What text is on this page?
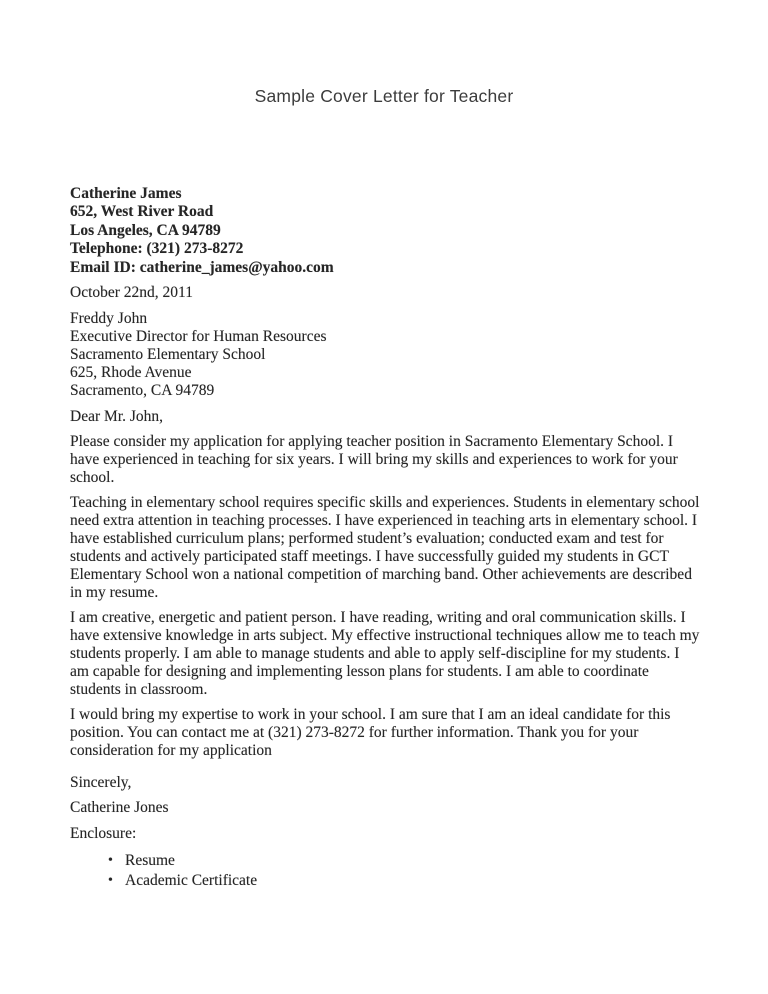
Sample Cover Letter for Teacher
Catherine James
652, West River Road
Los Angeles, CA 94789
Telephone: (321) 273-8272
Email ID: catherine_james@yahoo.com
October 22nd, 2011
Freddy John
Executive Director for Human Resources
Sacramento Elementary School
625, Rhode Avenue
Sacramento, CA 94789
Dear Mr. John,

Please consider my application for applying teacher position in Sacramento Elementary School. I have experienced in teaching for six years. I will bring my skills and experiences to work for your school.

Teaching in elementary school requires specific skills and experiences. Students in elementary school need extra attention in teaching processes. I have experienced in teaching arts in elementary school. I have established curriculum plans; performed student’s evaluation; conducted exam and test for students and actively participated staff meetings. I have successfully guided my students in GCT Elementary School won a national competition of marching band. Other achievements are described in my resume.

I am creative, energetic and patient person. I have reading, writing and oral communication skills. I have extensive knowledge in arts subject. My effective instructional techniques allow me to teach my students properly. I am able to manage students and able to apply self-discipline for my students. I am capable for designing and implementing lesson plans for students. I am able to coordinate students in classroom.

I would bring my expertise to work in your school. I am sure that I am an ideal candidate for this position. You can contact me at (321) 273-8272 for further information. Thank you for your consideration for my application

Sincerely,
Catherine Jones
Enclosure:
• Resume
• Academic Certificate
